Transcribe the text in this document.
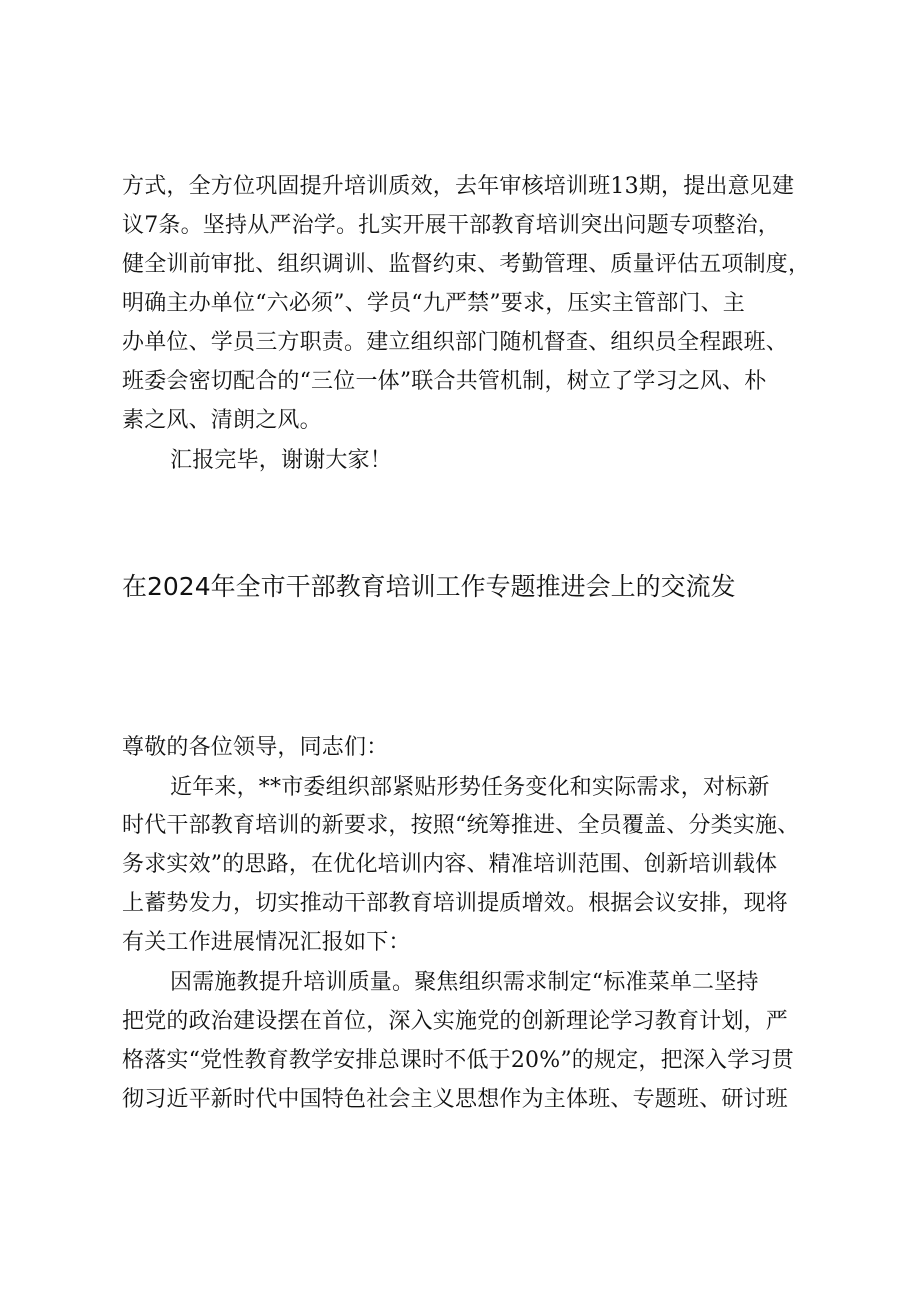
方式，全方位巩固提升培训质效，去年审核培训班13期，提出意见建

议7条。坚持从严治学。扎实开展干部教育培训突出问题专项整治，

健全训前审批、组织调训、监督约束、考勤管理、质量评估五项制度，

明确主办单位“六必须”、学员“九严禁”要求，压实主管部门、主

办单位、学员三方职责。建立组织部门随机督查、组织员全程跟班、

班委会密切配合的“三位一体”联合共管机制，树立了学习之风、朴

素之风、清朗之风。

汇报完毕，谢谢大家！

在2024年全市干部教育培训工作专题推进会上的交流发

尊敬的各位领导，同志们：

近年来，**市委组织部紧贴形势任务变化和实际需求，对标新

时代干部教育培训的新要求，按照“统筹推进、全员覆盖、分类实施、

务求实效”的思路，在优化培训内容、精准培训范围、创新培训载体

上蓄势发力，切实推动干部教育培训提质增效。根据会议安排，现将

有关工作进展情况汇报如下：

因需施教提升培训质量。聚焦组织需求制定“标准菜单二坚持

把党的政治建设摆在首位，深入实施党的创新理论学习教育计划，严

格落实“党性教育教学安排总课时不低于20%”的规定，把深入学习贯

彻习近平新时代中国特色社会主义思想作为主体班、专题班、研讨班
